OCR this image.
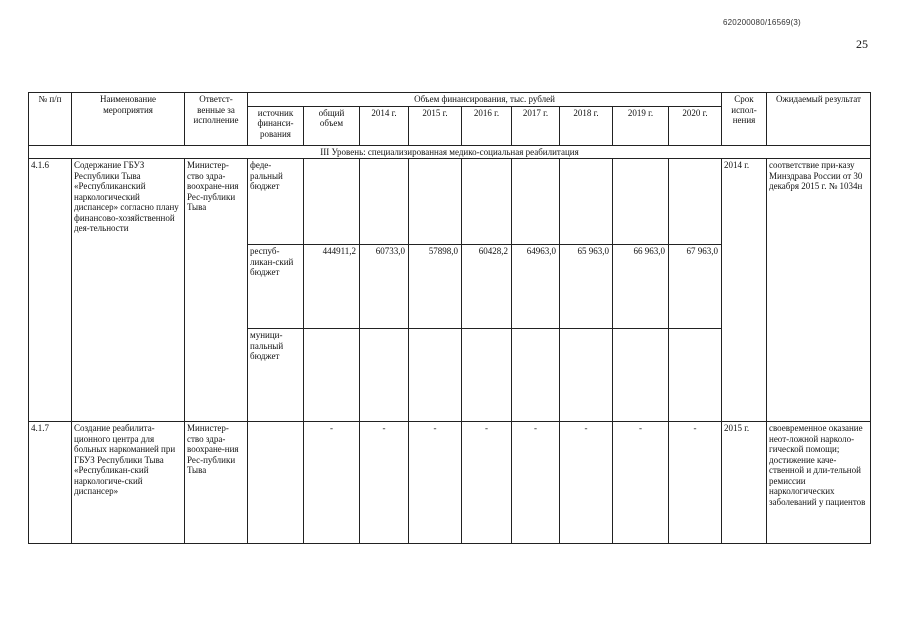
620200080/16569(3)
25
№ п/п	Наименование мероприятия	Ответст-венные за исполнение	Объем финансирования, тыс. рублей									Срок испол-нения	Ожидаемый результат
			источник финанси-рования	общий объем	2014 г.	2015 г.	2016 г.	2017 г.	2018 г.	2019 г.	2020 г.		
III Уровень: специализированная медико-социальная реабилитация													
4.1.6	Содержание ГБУЗ Республики Тыва «Республиканский наркологический диспансер» согласно плану финансово-хозяйственной дея-тельности	Министер-ство здра-воохране-ния Рес-публики Тыва	феде-ральный бюджет									2014 г.	соответствие при-казу Минздрава России от 30 декабря 2015 г. № 1034н
			респуб-ликан-ский бюджет	444911,2	60733,0	57898,0	60428,2	64963,0	65 963,0	66 963,0	67 963,0		
			муници-пальный бюджет										
4.1.7	Создание реабилита-ционного центра для больных наркоманией при ГБУЗ Республики Тыва «Республикан-ский наркологиче-ский диспансер»	Министер-ство здра-воохране-ния Рес-публики Тыва		-	-	-	-	-	-	-	-	2015 г.	своевременное оказание неот-ложной нарколо-гической помощи; достижение каче-ственной и дли-тельной ремиссии наркологических заболеваний у пациентов
